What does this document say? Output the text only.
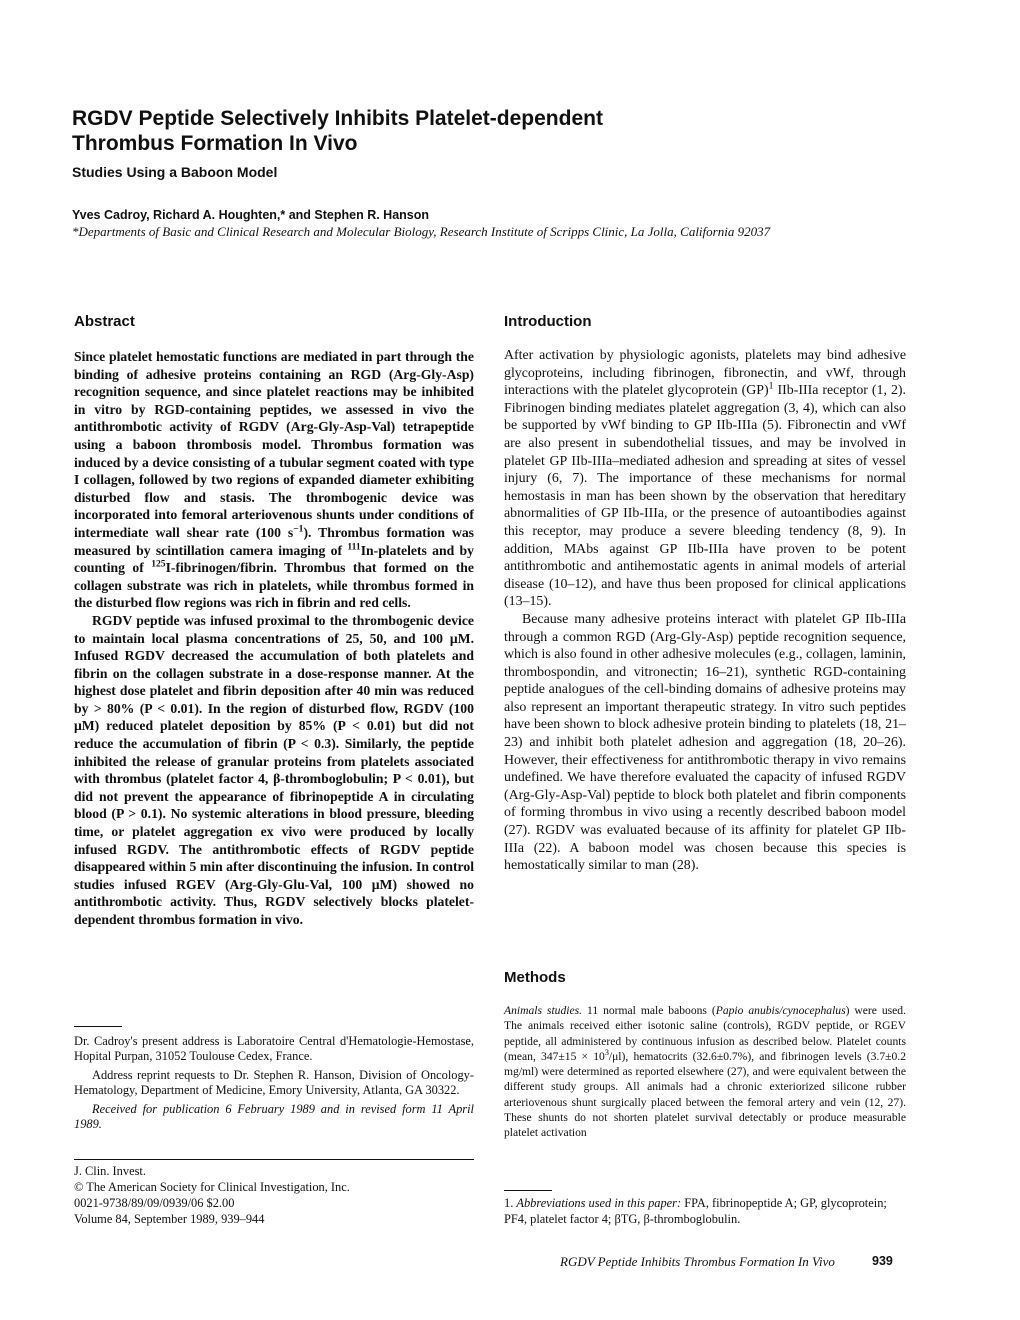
RGDV Peptide Selectively Inhibits Platelet-dependent
Thrombus Formation In Vivo
Studies Using a Baboon Model
Yves Cadroy, Richard A. Houghten,* and Stephen R. Hanson
*Departments of Basic and Clinical Research and Molecular Biology, Research Institute of Scripps Clinic, La Jolla, California 92037
Abstract

Since platelet hemostatic functions are mediated in part through the binding of adhesive proteins containing an RGD (Arg-Gly-Asp) recognition sequence, and since platelet reactions may be inhibited in vitro by RGD-containing peptides, we assessed in vivo the antithrombotic activity of RGDV (Arg-Gly-Asp-Val) tetrapeptide using a baboon thrombosis model. Thrombus formation was induced by a device consisting of a tubular segment coated with type I collagen, followed by two regions of expanded diameter exhibiting disturbed flow and stasis. The thrombogenic device was incorporated into femoral arteriovenous shunts under conditions of intermediate wall shear rate (100 $s^{-1}$). Thrombus formation was measured by scintillation camera imaging of $^{111}$In-platelets and by counting of $^{125}$I-fibrinogen/fibrin. Thrombus that formed on the collagen substrate was rich in platelets, while thrombus formed in the disturbed flow regions was rich in fibrin and red cells.

RGDV peptide was infused proximal to the thrombogenic device to maintain local plasma concentrations of 25, 50, and 100 μM. Infused RGDV decreased the accumulation of both platelets and fibrin on the collagen substrate in a dose-response manner. At the highest dose platelet and fibrin deposition after 40 min was reduced by > 80% (P < 0.01). In the region of disturbed flow, RGDV (100 μM) reduced platelet deposition by 85% (P < 0.01) but did not reduce the accumulation of fibrin (P < 0.3). Similarly, the peptide inhibited the release of granular proteins from platelets associated with thrombus (platelet factor 4, β-thromboglobulin; P < 0.01), but did not prevent the appearance of fibrinopeptide A in circulating blood (P > 0.1). No systemic alterations in blood pressure, bleeding time, or platelet aggregation ex vivo were produced by locally infused RGDV. The antithrombotic effects of RGDV peptide disappeared within 5 min after discontinuing the infusion. In control studies infused RGEV (Arg-Gly-Glu-Val, 100 μM) showed no antithrombotic activity. Thus, RGDV selectively blocks platelet-dependent thrombus formation in vivo.

Dr. Cadroy's present address is Laboratoire Central d'Hematologie-Hemostase, Hopital Purpan, 31052 Toulouse Cedex, France.

Address reprint requests to Dr. Stephen R. Hanson, Division of Oncology-Hematology, Department of Medicine, Emory University, Atlanta, GA 30322.

Received for publication 6 February 1989 and in revised form 11 April 1989.

J. Clin. Invest.
© The American Society for Clinical Investigation, Inc.
0021-9738/89/09/0939/06 $2.00
Volume 84, September 1989, 939–944
Introduction

After activation by physiologic agonists, platelets may bind adhesive glycoproteins, including fibrinogen, fibronectin, and vWf, through interactions with the platelet glycoprotein (GP)$^1$ IIb-IIIa receptor (1, 2). Fibrinogen binding mediates platelet aggregation (3, 4), which can also be supported by vWf binding to GP IIb-IIIa (5). Fibronectin and vWf are also present in subendothelial tissues, and may be involved in platelet GP IIb-IIIa–mediated adhesion and spreading at sites of vessel injury (6, 7). The importance of these mechanisms for normal hemostasis in man has been shown by the observation that hereditary abnormalities of GP IIb-IIIa, or the presence of autoantibodies against this receptor, may produce a severe bleeding tendency (8, 9). In addition, MAbs against GP IIb-IIIa have proven to be potent antithrombotic and antihemostatic agents in animal models of arterial disease (10–12), and have thus been proposed for clinical applications (13–15).

Because many adhesive proteins interact with platelet GP IIb-IIIa through a common RGD (Arg-Gly-Asp) peptide recognition sequence, which is also found in other adhesive molecules (e.g., collagen, laminin, thrombospondin, and vitronectin; 16–21), synthetic RGD-containing peptide analogues of the cell-binding domains of adhesive proteins may also represent an important therapeutic strategy. In vitro such peptides have been shown to block adhesive protein binding to platelets (18, 21–23) and inhibit both platelet adhesion and aggregation (18, 20–26). However, their effectiveness for antithrombotic therapy in vivo remains undefined. We have therefore evaluated the capacity of infused RGDV (Arg-Gly-Asp-Val) peptide to block both platelet and fibrin components of forming thrombus in vivo using a recently described baboon model (27). RGDV was evaluated because of its affinity for platelet GP IIb-IIIa (22). A baboon model was chosen because this species is hemostatically similar to man (28).

Methods

Animals studies. 11 normal male baboons (Papio anubis/cynocephalus) were used. The animals received either isotonic saline (controls), RGDV peptide, or RGEV peptide, all administered by continuous infusion as described below. Platelet counts (mean, $347\pm 15 \times 10^3/\mu l$), hematocrits (32.6±0.7%), and fibrinogen levels (3.7±0.2 mg/ml) were determined as reported elsewhere (27), and were equivalent between the different study groups. All animals had a chronic exteriorized silicone rubber arteriovenous shunt surgically placed between the femoral artery and vein (12, 27). These shunts do not shorten platelet survival detectably or produce measurable platelet activation

1. Abbreviations used in this paper: FPA, fibrinopeptide A; GP, glycoprotein; PF4, platelet factor 4; βTG, β-thromboglobulin.
RGDV Peptide Inhibits Thrombus Formation In Vivo	939
